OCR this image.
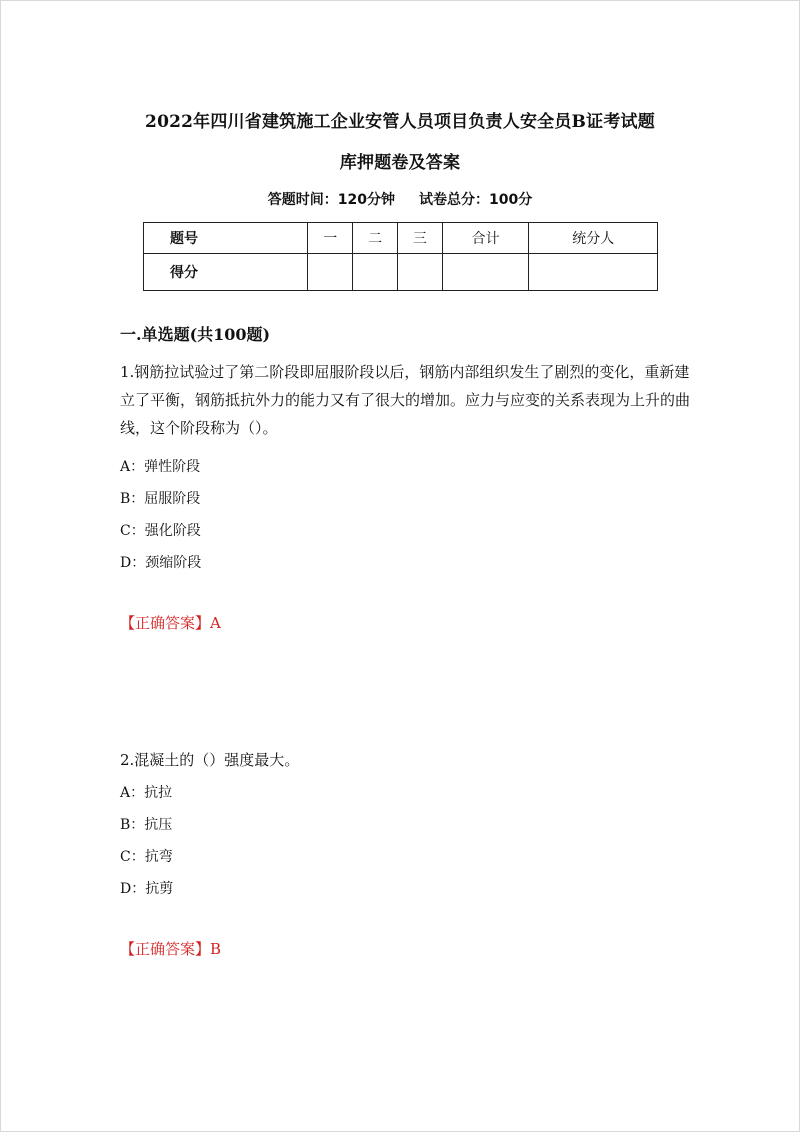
2022年四川省建筑施工企业安管人员项目负责人安全员B证考试题
库押题卷及答案
答题时间：120分钟 试卷总分：100分
题号	一	二	三	合计	统分人
得分					
一.单选题(共100题)
1.钢筋拉试验过了第二阶段即屈服阶段以后，钢筋内部组织发生了剧烈的变化，重新建立了平衡，钢筋抵抗外力的能力又有了很大的增加。应力与应变的关系表现为上升的曲线，这个阶段称为（）。
A：弹性阶段
B：屈服阶段
C：强化阶段
D：颈缩阶段
【正确答案】A
2.混凝土的（）强度最大。
A：抗拉
B：抗压
C：抗弯
D：抗剪
【正确答案】B
